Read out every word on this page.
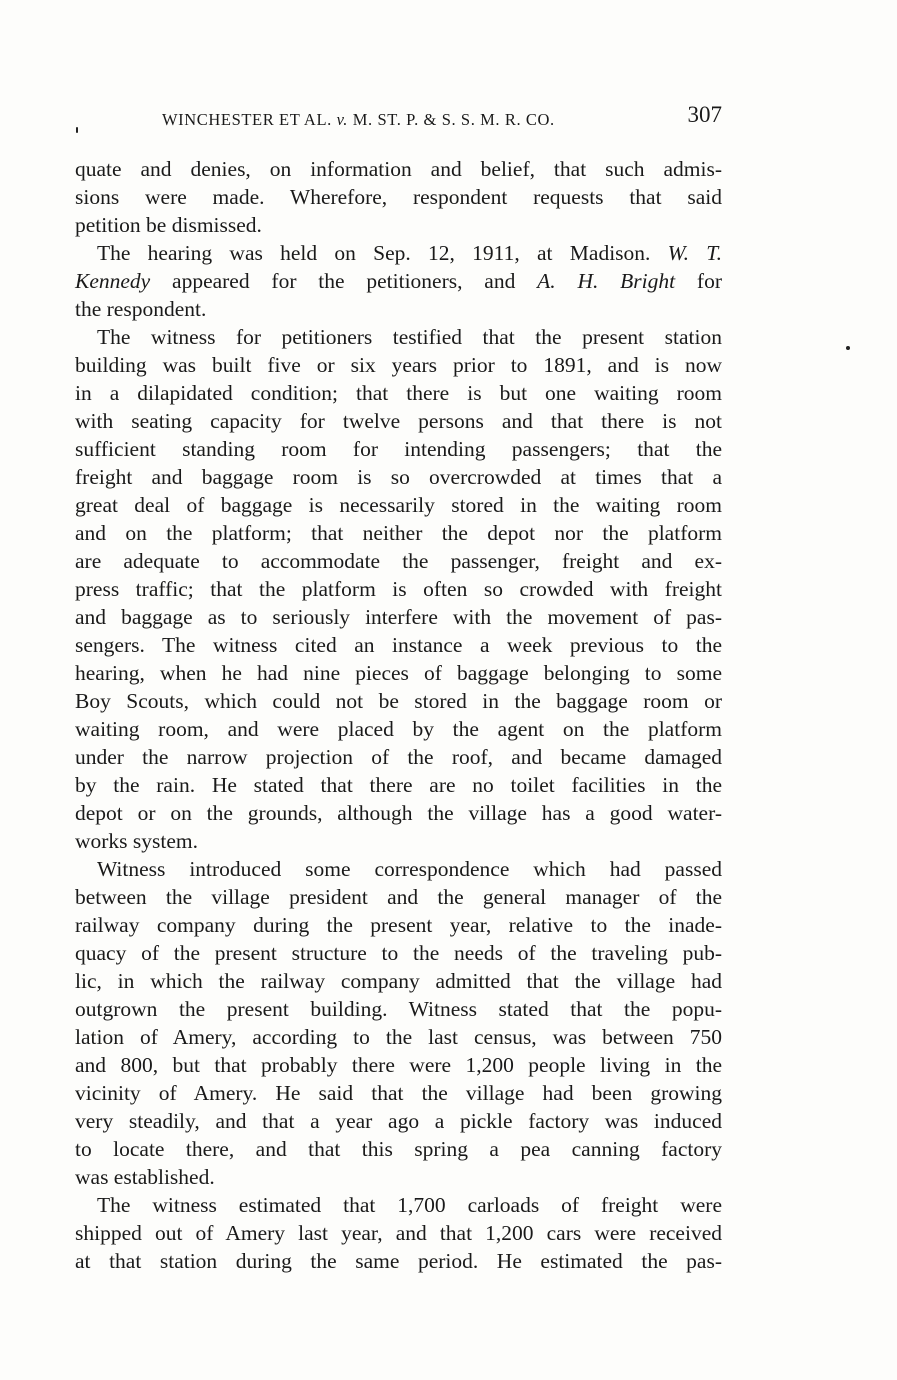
WINCHESTER ET AL. v. M. ST. P. & S. S. M. R. CO.	307
quate and denies, on information and belief, that such admis-
sions were made. Wherefore, respondent requests that said
petition be dismissed.
The hearing was held on Sep. 12, 1911, at Madison. W. T.
Kennedy appeared for the petitioners, and A. H. Bright for
the respondent.
The witness for petitioners testified that the present station
building was built five or six years prior to 1891, and is now
in a dilapidated condition; that there is but one waiting room
with seating capacity for twelve persons and that there is not
sufficient standing room for intending passengers; that the
freight and baggage room is so overcrowded at times that a
great deal of baggage is necessarily stored in the waiting room
and on the platform; that neither the depot nor the platform
are adequate to accommodate the passenger, freight and ex-
press traffic; that the platform is often so crowded with freight
and baggage as to seriously interfere with the movement of pas-
sengers. The witness cited an instance a week previous to the
hearing, when he had nine pieces of baggage belonging to some
Boy Scouts, which could not be stored in the baggage room or
waiting room, and were placed by the agent on the platform
under the narrow projection of the roof, and became damaged
by the rain. He stated that there are no toilet facilities in the
depot or on the grounds, although the village has a good water-
works system.
Witness introduced some correspondence which had passed
between the village president and the general manager of the
railway company during the present year, relative to the inade-
quacy of the present structure to the needs of the traveling pub-
lic, in which the railway company admitted that the village had
outgrown the present building. Witness stated that the popu-
lation of Amery, according to the last census, was between 750
and 800, but that probably there were 1,200 people living in the
vicinity of Amery. He said that the village had been growing
very steadily, and that a year ago a pickle factory was induced
to locate there, and that this spring a pea canning factory
was established.
The witness estimated that 1,700 carloads of freight were
shipped out of Amery last year, and that 1,200 cars were received
at that station during the same period. He estimated the pas-
